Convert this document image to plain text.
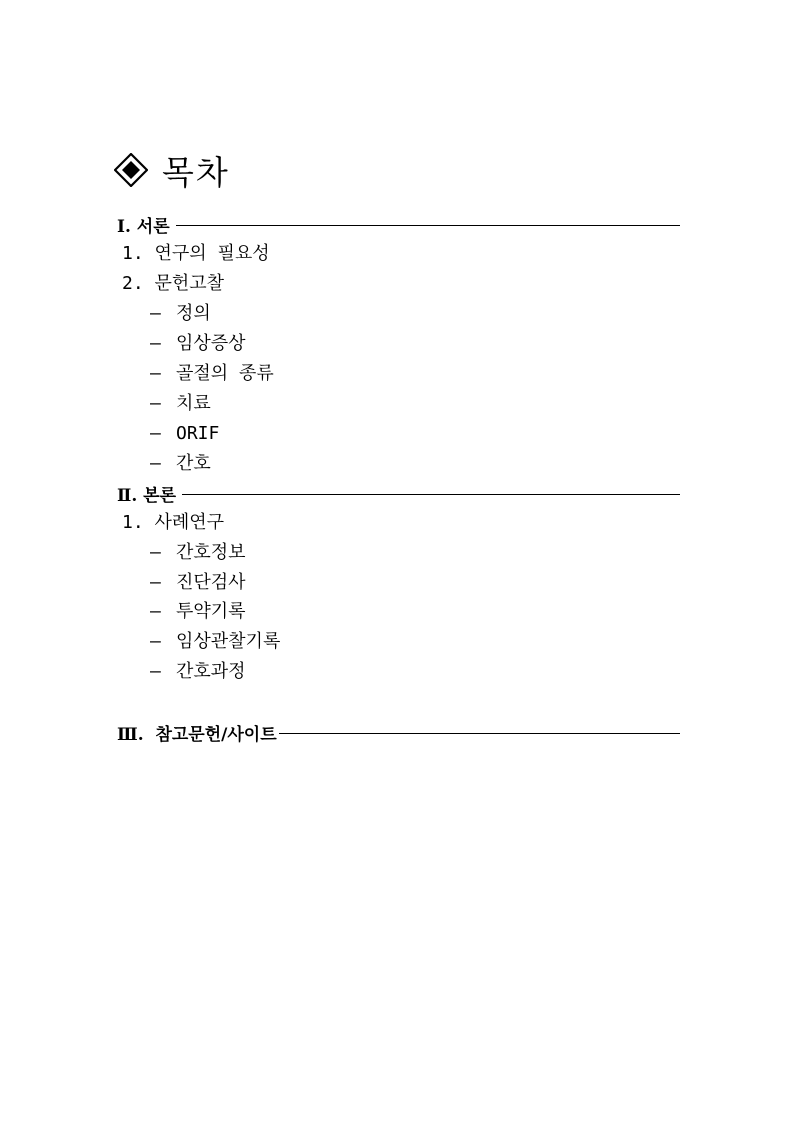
목차
Ⅰ. 서론
1. 연구의 필요성
2. 문헌고찰
– 정의
– 임상증상
– 골절의 종류
– 치료
– ORIF
– 간호
Ⅱ. 본론
1. 사례연구
– 간호정보
– 진단검사
– 투약기록
– 임상관찰기록
– 간호과정
Ⅲ.  참고문헌/사이트
